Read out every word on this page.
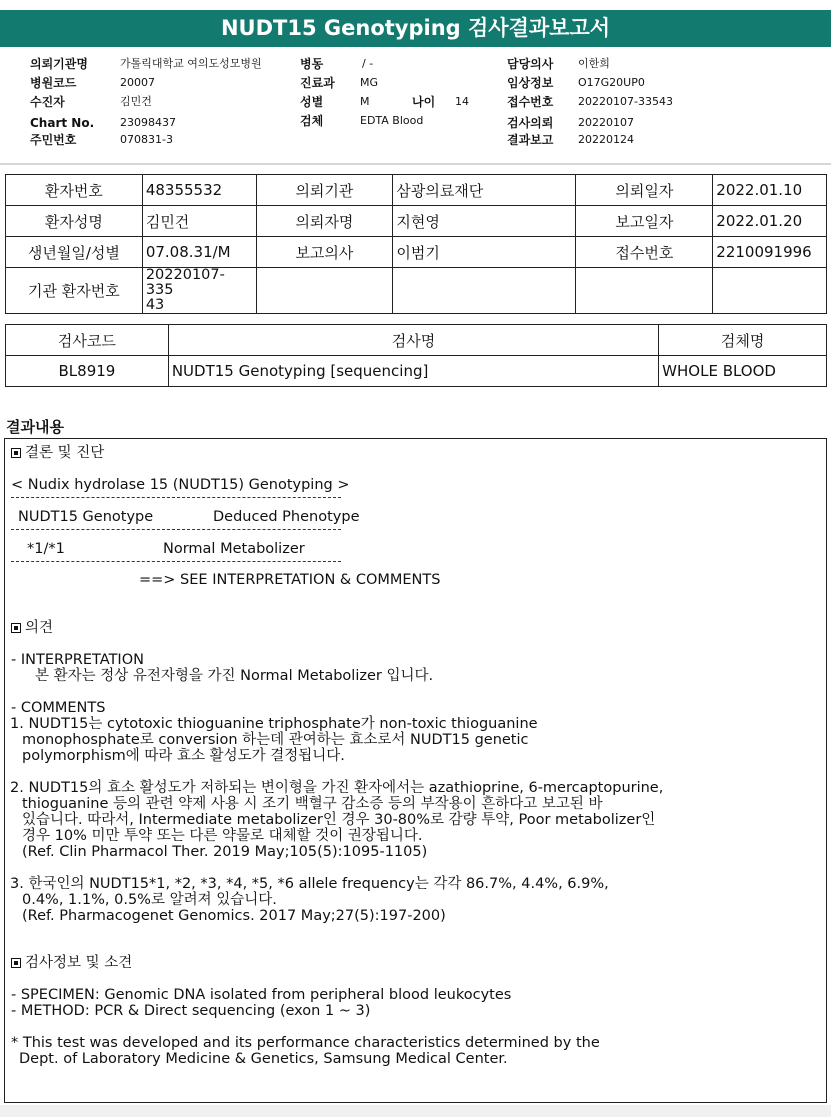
NUDT15 Genotyping 검사결과보고서
의뢰기관명	가톨릭대학교 여의도성모병원
병원코드	20007
수진자	김민건
Chart No. 23098437
주민번호	070831-3
병동	/ -
진료과 MG
성별	M	나이 14
검체	EDTA Blood
담당의사 이한희
임상정보 O17G20UP0
접수번호 20220107-33543
검사의뢰 20220107
결과보고 20220124
환자번호	48355532	의뢰기관	삼광의료재단	의뢰일자	2022.01.10
환자성명	김민건	의뢰자명	지현영	보고일자	2022.01.20
생년월일/성별	07.08.31/M	보고의사	이범기	접수번호	2210091996
기관 환자번호	20220107-335
43				

검사코드	검사명	검체명
BL8919	NUDT15 Genotyping [sequencing]	WHOLE BLOOD
결과내용
결론 및 진단
< Nudix hydrolase 15 (NUDT15) Genotyping >
NUDT15 Genotype	Deduced Phenotype
*1/*1	Normal Metabolizer
==> SEE INTERPRETATION & COMMENTS
의견
- INTERPRETATION
본 환자는 정상 유전자형을 가진 Normal Metabolizer 입니다.
- COMMENTS
1. NUDT15는 cytotoxic thioguanine triphosphate가 non-toxic thioguanine
monophosphate로 conversion 하는데 관여하는 효소로서 NUDT15 genetic
polymorphism에 따라 효소 활성도가 결정됩니다.
2. NUDT15의 효소 활성도가 저하되는 변이형을 가진 환자에서는 azathioprine, 6-mercaptopurine,
thioguanine 등의 관련 약제 사용 시 조기 백혈구 감소증 등의 부작용이 흔하다고 보고된 바
있습니다. 따라서, Intermediate metabolizer인 경우 30-80%로 감량 투약, Poor metabolizer인
경우 10% 미만 투약 또는 다른 약물로 대체할 것이 권장됩니다.
(Ref. Clin Pharmacol Ther. 2019 May;105(5):1095-1105)
3. 한국인의 NUDT15*1, *2, *3, *4, *5, *6 allele frequency는 각각 86.7%, 4.4%, 6.9%,
0.4%, 1.1%, 0.5%로 알려져 있습니다.
(Ref. Pharmacogenet Genomics. 2017 May;27(5):197-200)
검사정보 및 소견
- SPECIMEN: Genomic DNA isolated from peripheral blood leukocytes
- METHOD: PCR & Direct sequencing (exon 1 ~ 3)
* This test was developed and its performance characteristics determined by the
Dept. of Laboratory Medicine & Genetics, Samsung Medical Center.
